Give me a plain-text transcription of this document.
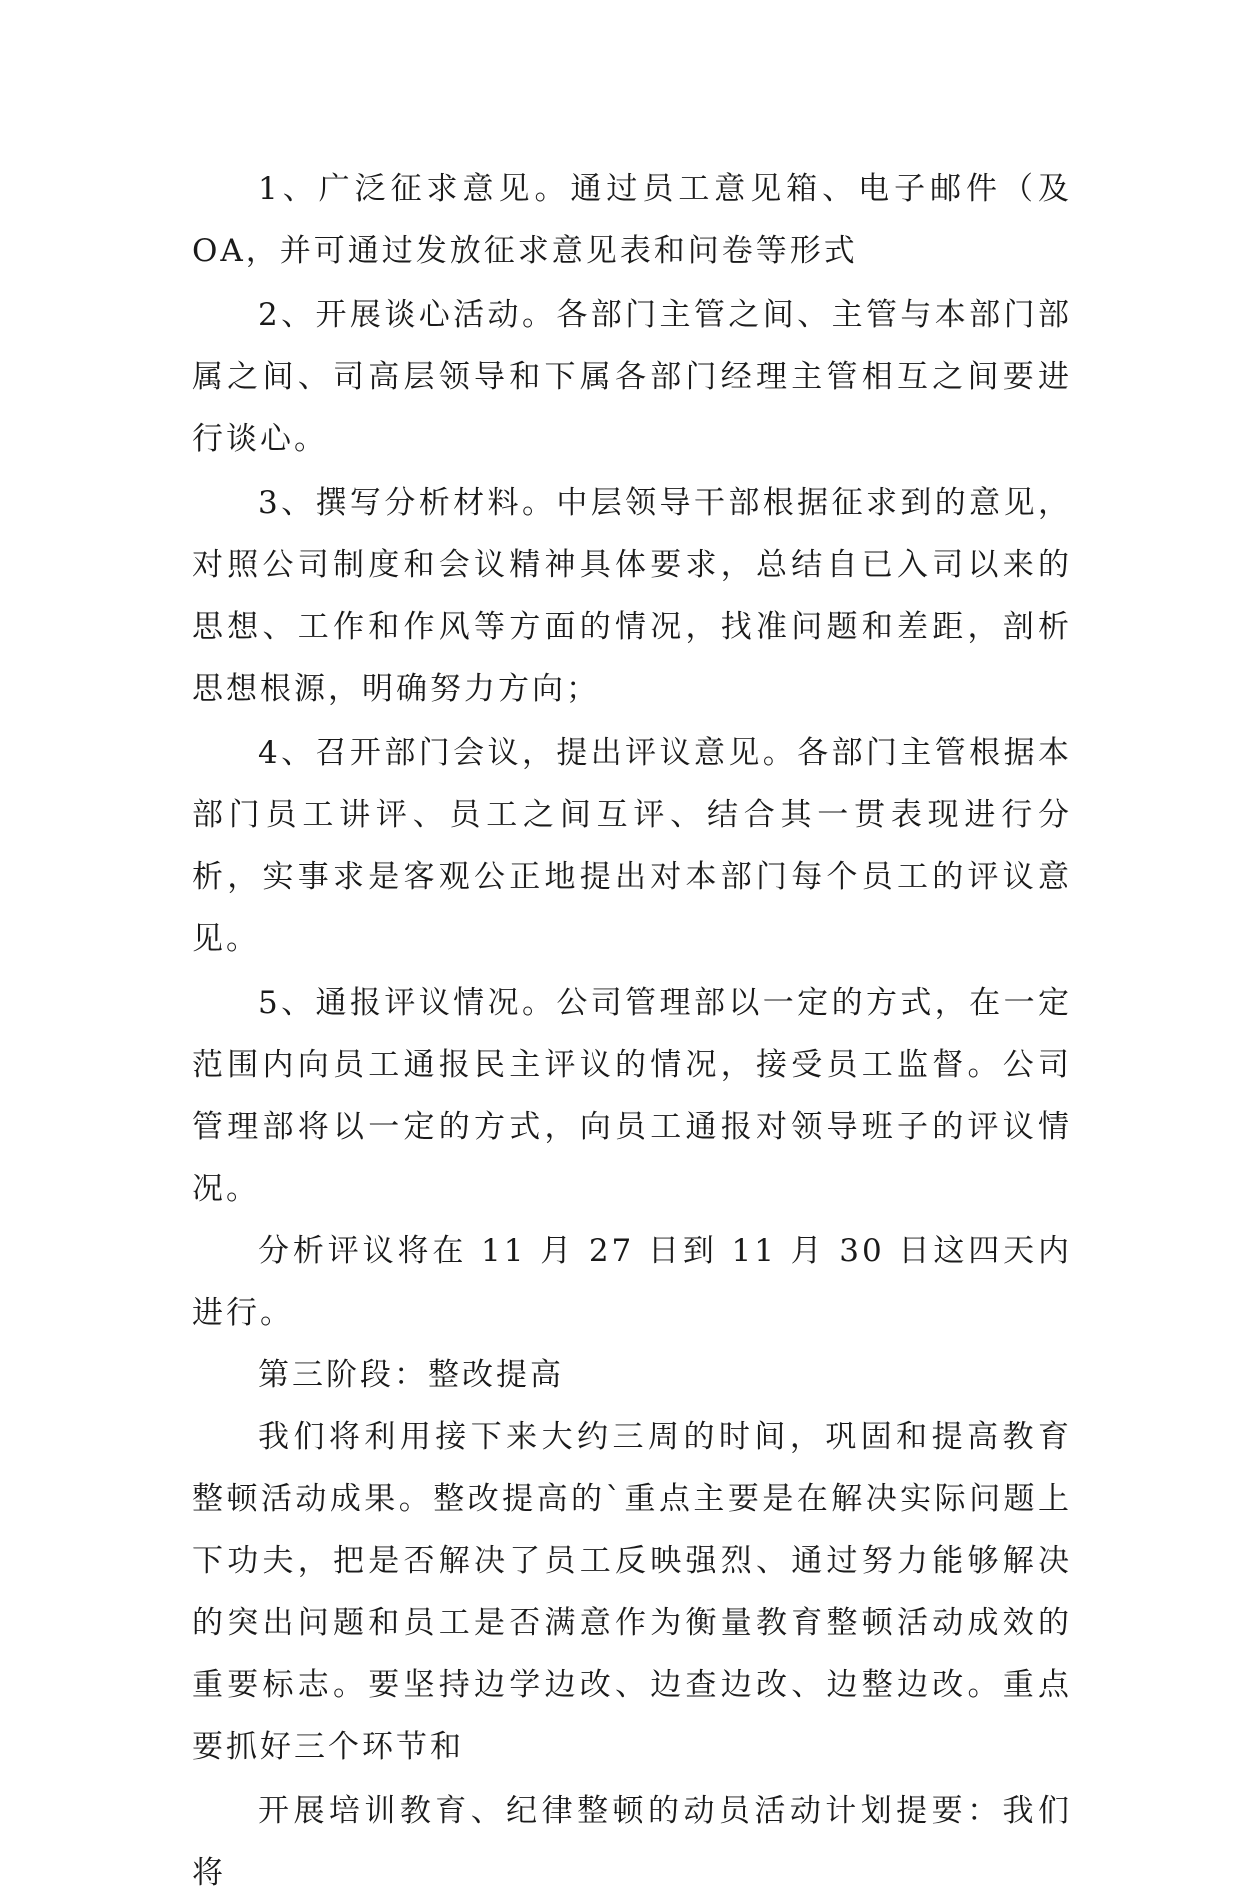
1、广泛征求意见。通过员工意见箱、电子邮件（及OA，并可通过发放征求意见表和问卷等形式

2、开展谈心活动。各部门主管之间、主管与本部门部属之间、司高层领导和下属各部门经理主管相互之间要进行谈心。

3、撰写分析材料。中层领导干部根据征求到的意见，对照公司制度和会议精神具体要求，总结自已入司以来的思想、工作和作风等方面的情况，找准问题和差距，剖析思想根源，明确努力方向；

4、召开部门会议，提出评议意见。各部门主管根据本部门员工讲评、员工之间互评、结合其一贯表现进行分析，实事求是客观公正地提出对本部门每个员工的评议意见。

5、通报评议情况。公司管理部以一定的方式，在一定范围内向员工通报民主评议的情况，接受员工监督。公司管理部将以一定的方式，向员工通报对领导班子的评议情况。

分析评议将在 11 月 27 日到 11 月 30 日这四天内进行。

第三阶段：整改提高

我们将利用接下来大约三周的时间，巩固和提高教育整顿活动成果。整改提高的`重点主要是在解决实际问题上下功夫，把是否解决了员工反映强烈、通过努力能够解决的突出问题和员工是否满意作为衡量教育整顿活动成效的重要标志。要坚持边学边改、边查边改、边整边改。重点要抓好三个环节和

开展培训教育、纪律整顿的动员活动计划提要：我们将
